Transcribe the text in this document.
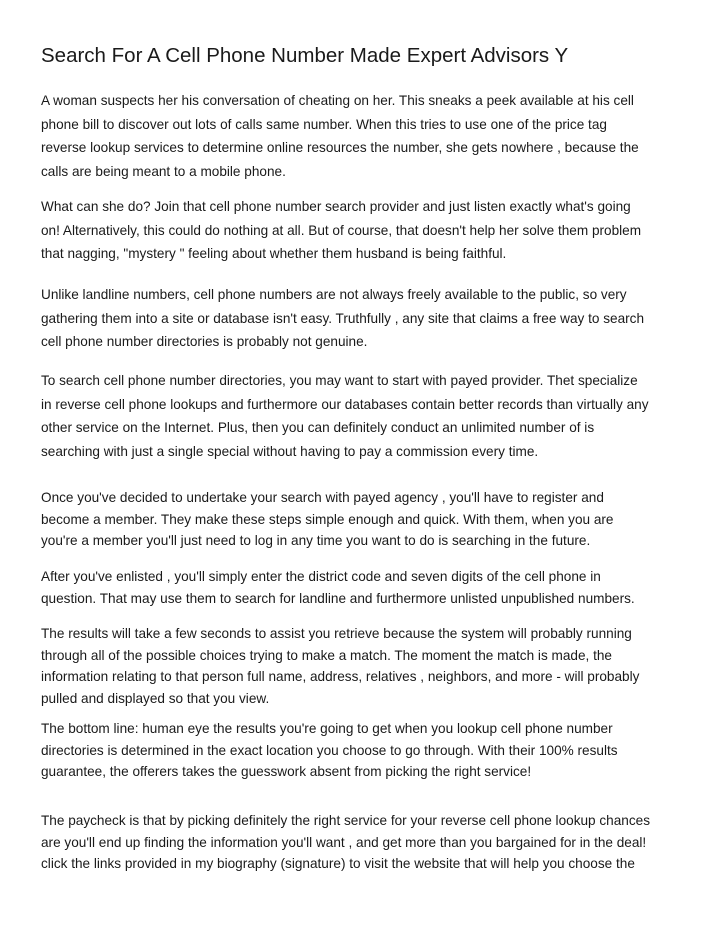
Search For A Cell Phone Number Made Expert Advisors Y

A woman suspects her his conversation of cheating on her. This sneaks a peek available at his cell
phone bill to discover out lots of calls same number. When this tries to use one of the price tag
reverse lookup services to determine online resources the number, she gets nowhere , because the
calls are being meant to a mobile phone.

What can she do? Join that cell phone number search provider and just listen exactly what's going
on! Alternatively, this could do nothing at all. But of course, that doesn't help her solve them problem
that nagging, "mystery " feeling about whether them husband is being faithful.

Unlike landline numbers, cell phone numbers are not always freely available to the public, so very
gathering them into a site or database isn't easy. Truthfully , any site that claims a free way to search
cell phone number directories is probably not genuine.

To search cell phone number directories, you may want to start with payed provider. Thet specialize
in reverse cell phone lookups and furthermore our databases contain better records than virtually any
other service on the Internet. Plus, then you can definitely conduct an unlimited number of is
searching with just a single special without having to pay a commission every time.

Once you've decided to undertake your search with payed agency , you'll have to register and
become a member. They make these steps simple enough and quick. With them, when you are
you're a member you'll just need to log in any time you want to do is searching in the future.

After you've enlisted , you'll simply enter the district code and seven digits of the cell phone in
question. That may use them to search for landline and furthermore unlisted unpublished numbers.

The results will take a few seconds to assist you retrieve because the system will probably running
through all of the possible choices trying to make a match. The moment the match is made, the
information relating to that person full name, address, relatives , neighbors, and more - will probably
pulled and displayed so that you view.

The bottom line: human eye the results you're going to get when you lookup cell phone number
directories is determined in the exact location you choose to go through. With their 100% results
guarantee, the offerers takes the guesswork absent from picking the right service!

The paycheck is that by picking definitely the right service for your reverse cell phone lookup chances
are you'll end up finding the information you'll want , and get more than you bargained for in the deal!
click the links provided in my biography (signature) to visit the website that will help you choose the
